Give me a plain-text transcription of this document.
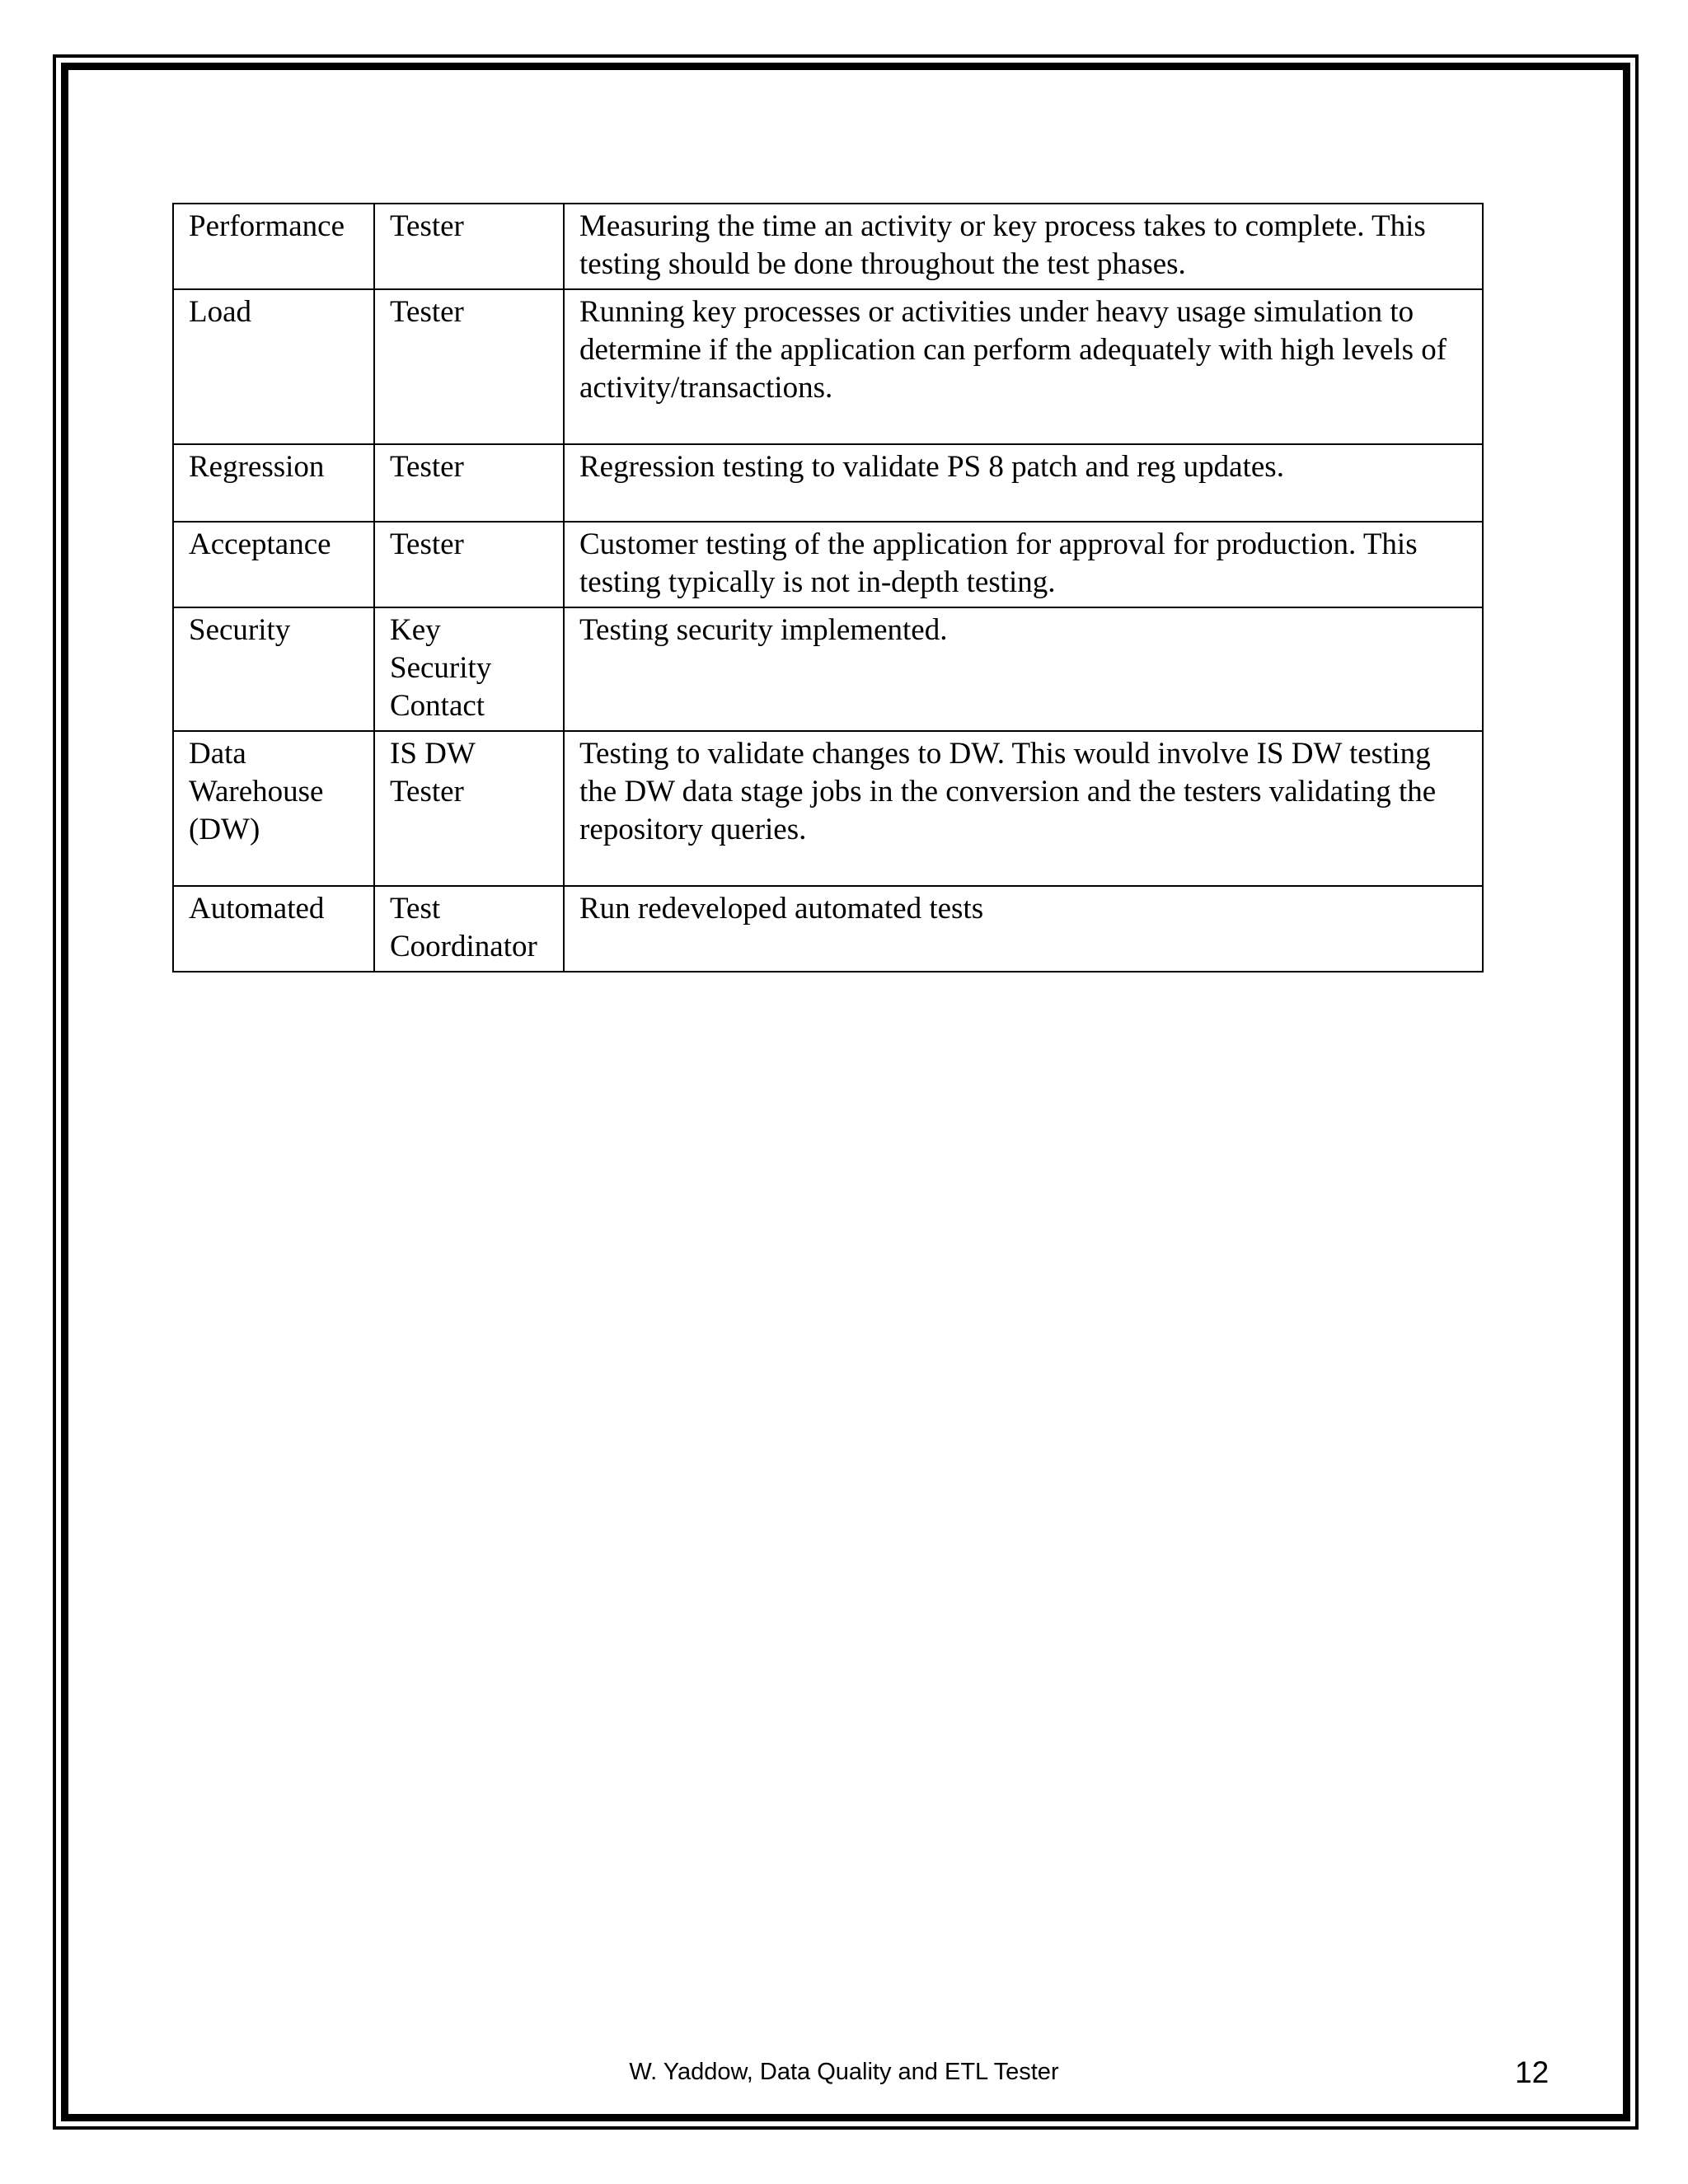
Performance	Tester	Measuring the time an activity or key process takes to complete. This testing should be done throughout the test phases.
Load	Tester	Running key processes or activities under heavy usage simulation to determine if the application can perform adequately with high levels of activity/transactions.
Regression	Tester	Regression testing to validate PS 8 patch and reg updates.
Acceptance	Tester	Customer testing of the application for approval for production. This testing typically is not in-depth testing.
Security	Key Security Contact	Testing security implemented.
Data Warehouse (DW)	IS DW Tester	Testing to validate changes to DW. This would involve IS DW testing the DW data stage jobs in the conversion and the testers validating the repository queries.
Automated	Test Coordinator	Run redeveloped automated tests
W. Yaddow, Data Quality and ETL Tester	12
